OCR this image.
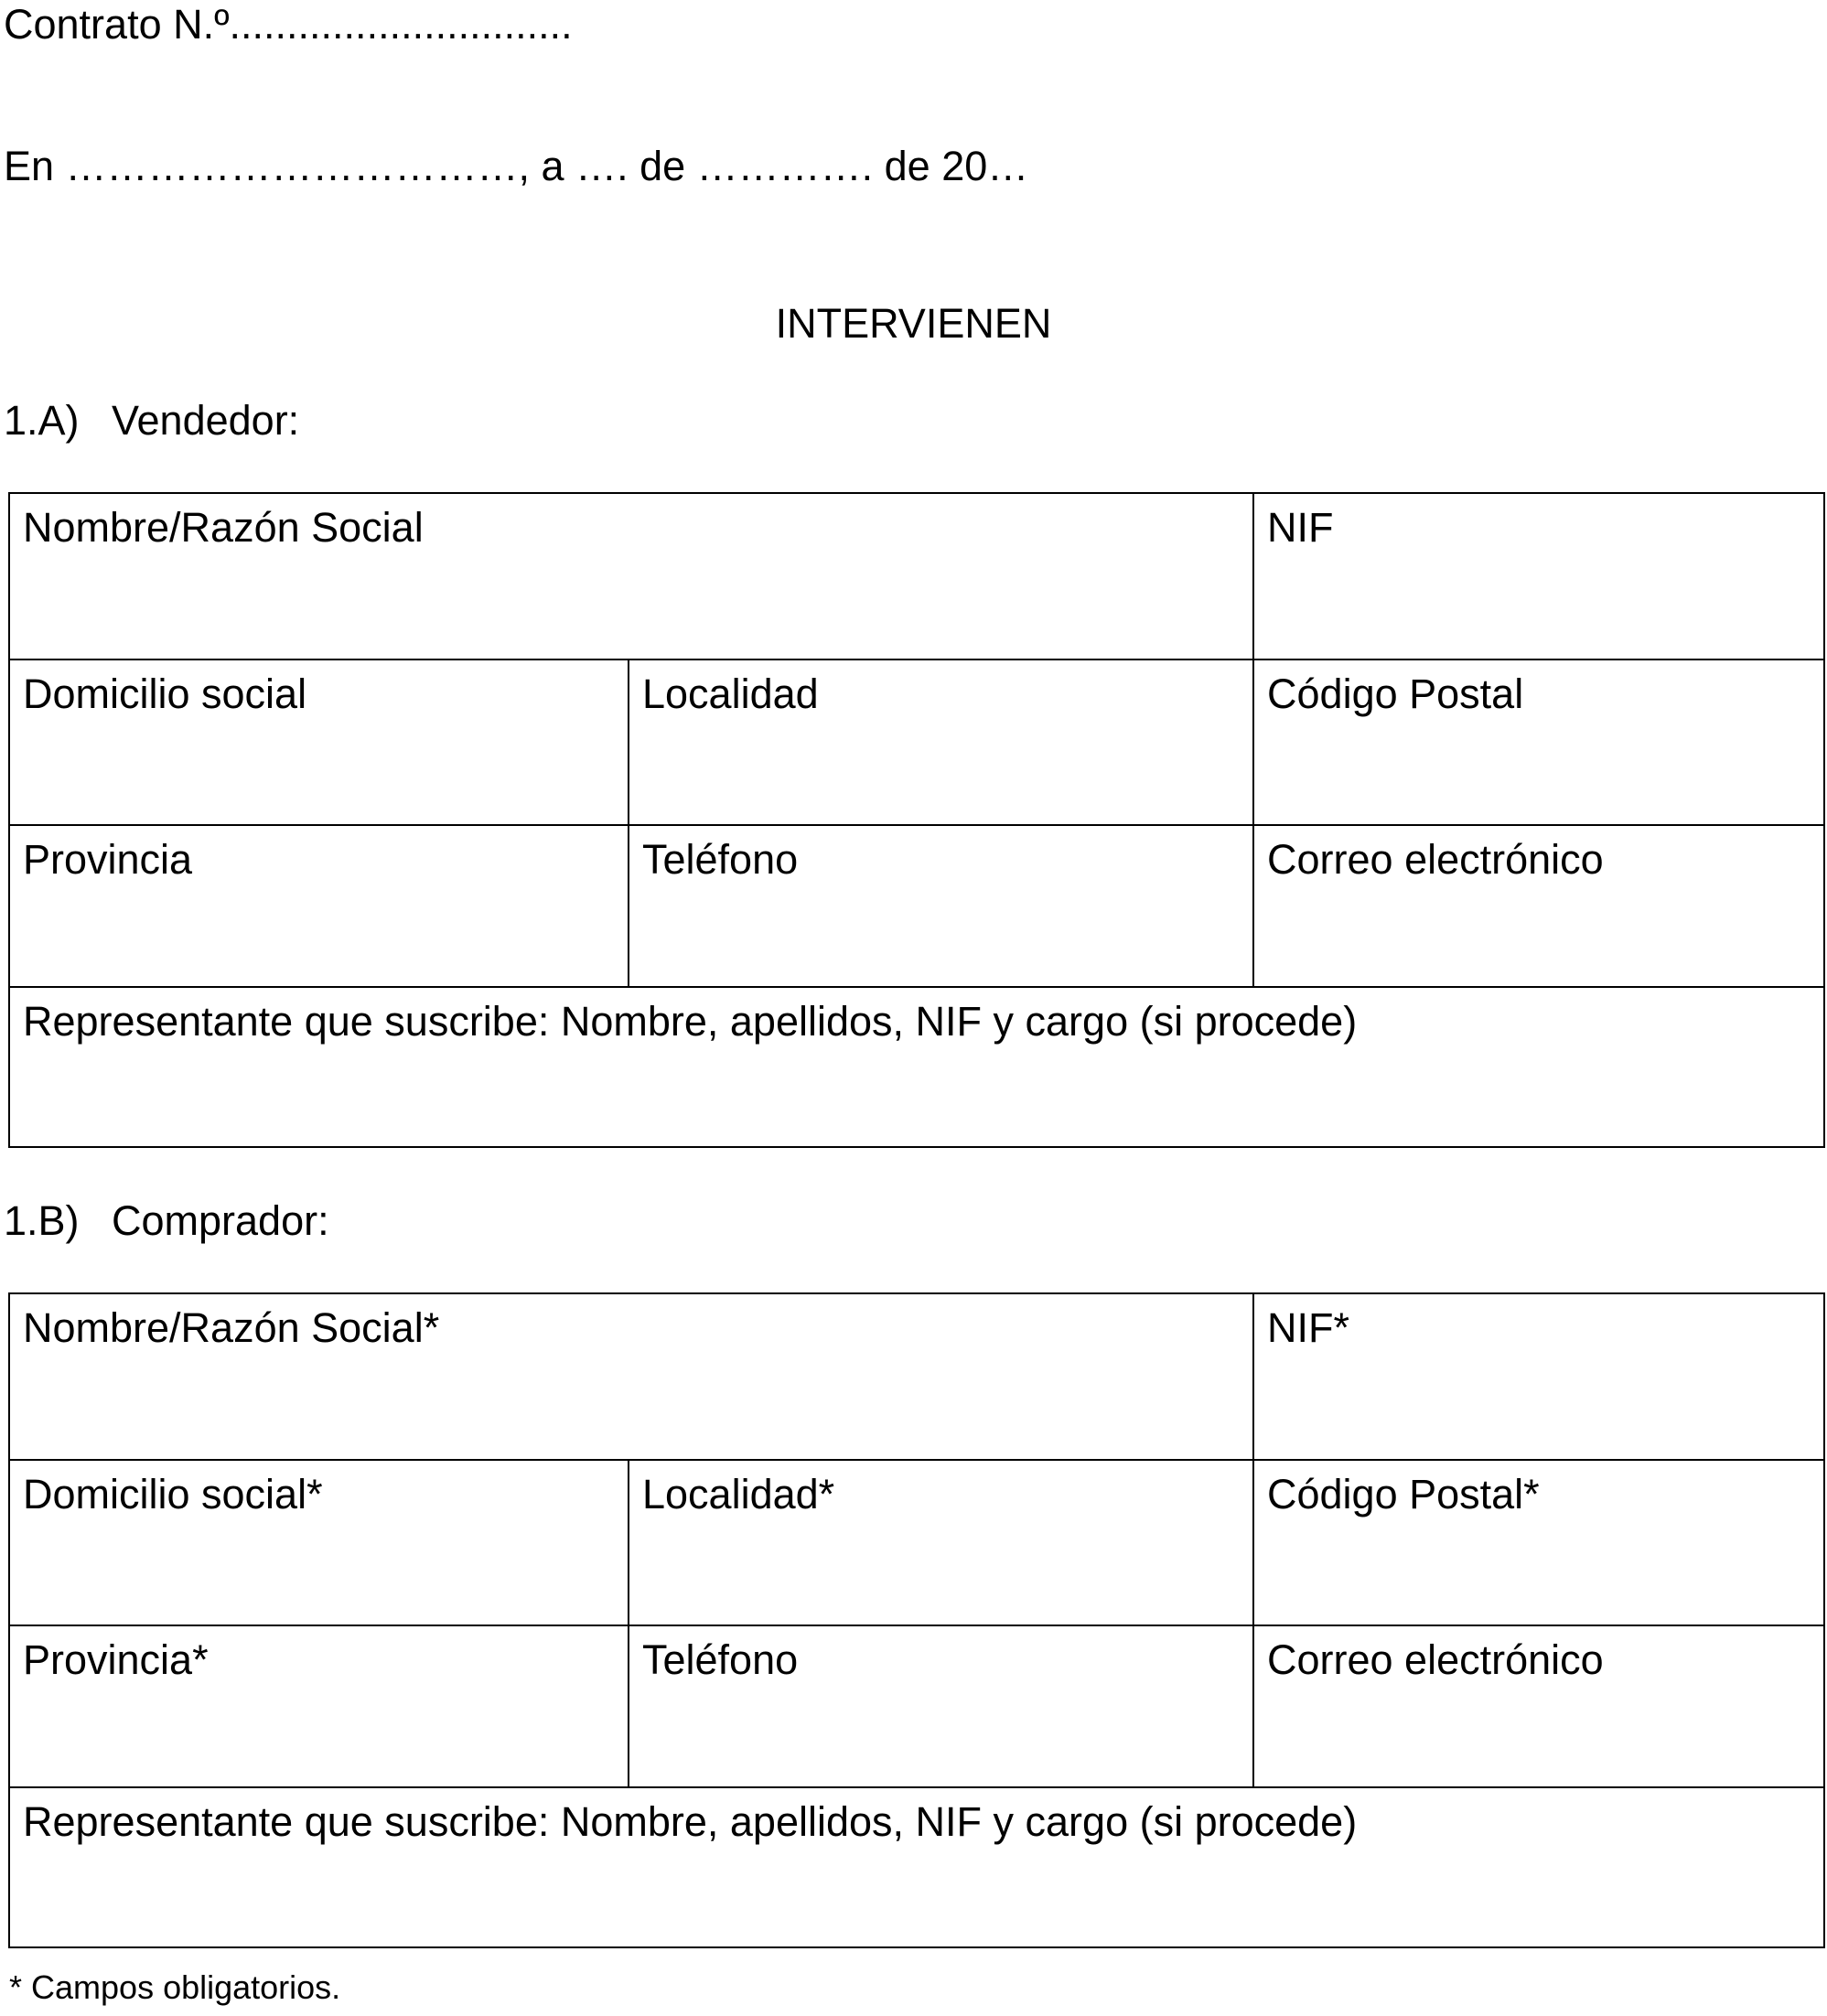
Contrato N.º..............................
En ……………………………, a …. de …………. de 20…
INTERVIENEN
1.A) Vendedor:
Nombre/Razón Social		NIF
Domicilio social	Localidad	Código Postal
Provincia	Teléfono	Correo electrónico
Representante que suscribe: Nombre, apellidos, NIF y cargo (si procede)		
1.B) Comprador:
Nombre/Razón Social*		NIF*
Domicilio social*	Localidad*	Código Postal*
Provincia*	Teléfono	Correo electrónico
Representante que suscribe: Nombre, apellidos, NIF y cargo (si procede)		
* Campos obligatorios.
